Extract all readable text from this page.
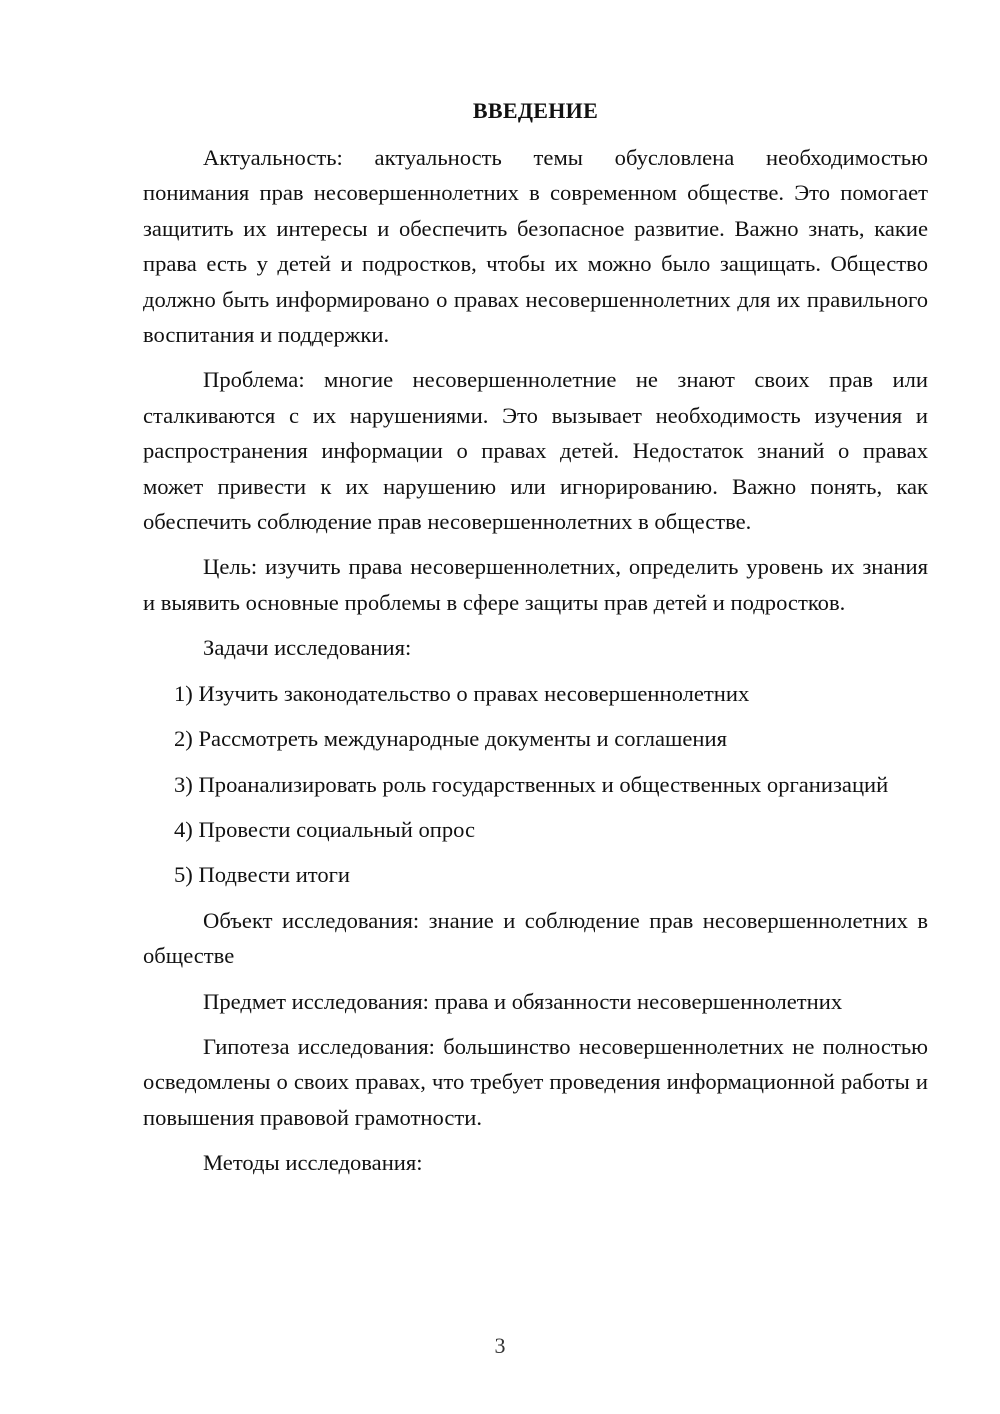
ВВЕДЕНИЕ

Актуальность: актуальность темы обусловлена необходимостью понимания прав несовершеннолетних в современном обществе. Это помогает защитить их интересы и обеспечить безопасное развитие. Важно знать, какие права есть у детей и подростков, чтобы их можно было защищать. Общество должно быть информировано о правах несовершеннолетних для их правильного воспитания и поддержки.

Проблема: многие несовершеннолетние не знают своих прав или сталкиваются с их нарушениями. Это вызывает необходимость изучения и распространения информации о правах детей. Недостаток знаний о правах может привести к их нарушению или игнорированию. Важно понять, как обеспечить соблюдение прав несовершеннолетних в обществе.

Цель: изучить права несовершеннолетних, определить уровень их знания и выявить основные проблемы в сфере защиты прав детей и подростков.

Задачи исследования:

1) Изучить законодательство о правах несовершеннолетних

2) Рассмотреть международные документы и соглашения

3) Проанализировать роль государственных и общественных организаций

4) Провести социальный опрос

5) Подвести итоги

Объект исследования: знание и соблюдение прав несовершеннолетних в обществе

Предмет исследования: права и обязанности несовершеннолетних

Гипотеза исследования: большинство несовершеннолетних не полностью осведомлены о своих правах, что требует проведения информационной работы и повышения правовой грамотности.

Методы исследования:

3
